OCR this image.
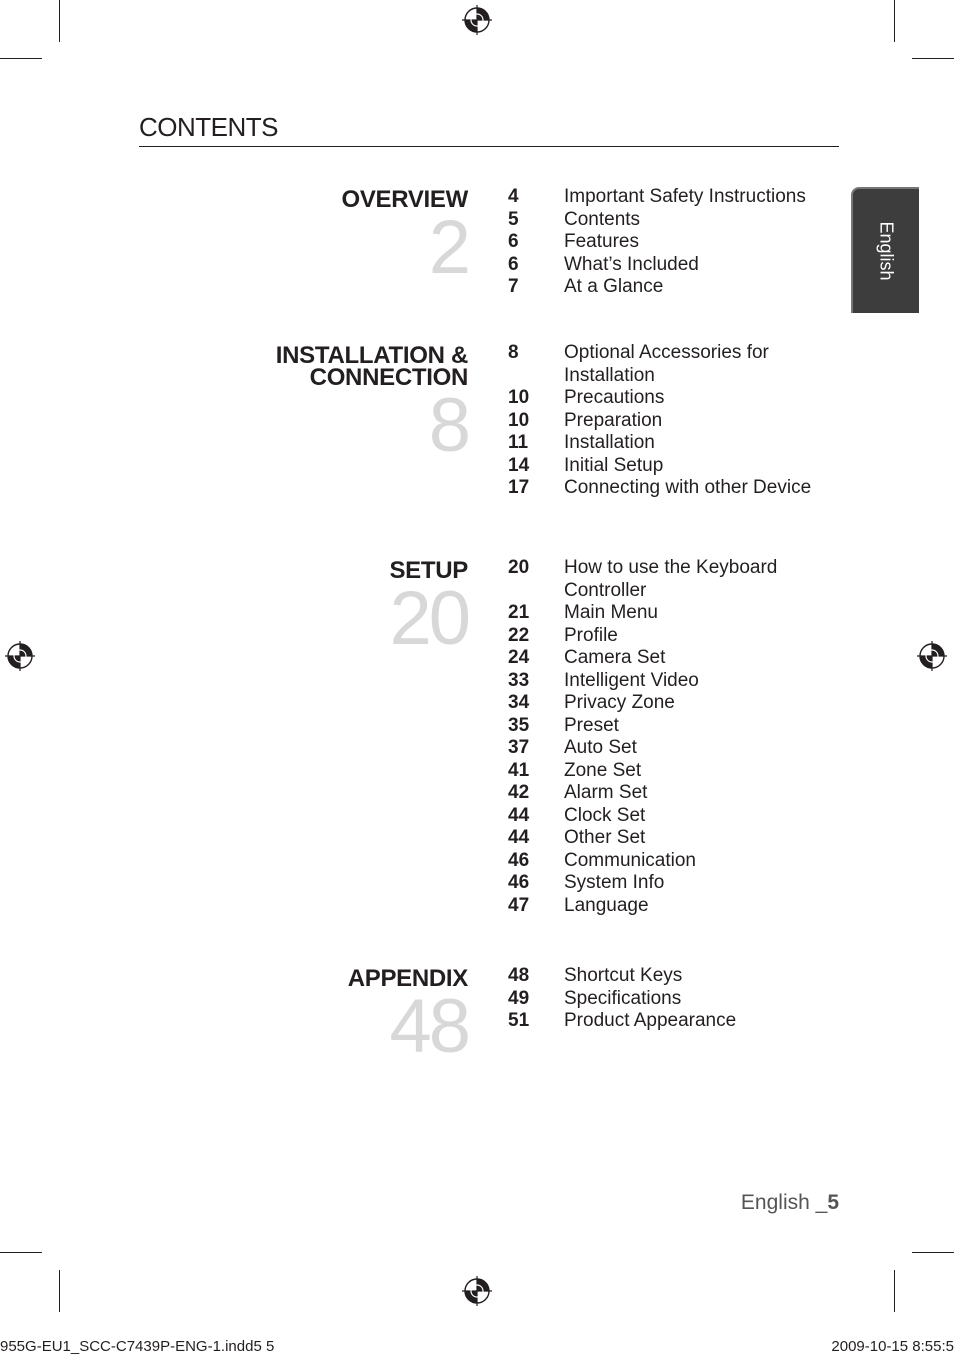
CONTENTS
English
OVERVIEW
2
4	Important Safety Instructions
5	Contents
6	Features
6	What’s Included
7	At a Glance
INSTALLATION &
CONNECTION
8
8	Optional Accessories for
Installation
10	Precautions
10	Preparation
11	Installation
14	Initial Setup
17	Connecting with other Device
SETUP
20
20	How to use the Keyboard
Controller
21	Main Menu
22	Profile
24	Camera Set
33	Intelligent Video
34	Privacy Zone
35	Preset
37	Auto Set
41	Zone Set
42	Alarm Set
44	Clock Set
44	Other Set
46	Communication
46	System Info
47	Language
APPENDIX
48
48	Shortcut Keys
49	Specifications
51	Product Appearance
English _5
955G-EU1_SCC-C7439P-ENG-1.indd5 5	2009-10-15 8:55:5
